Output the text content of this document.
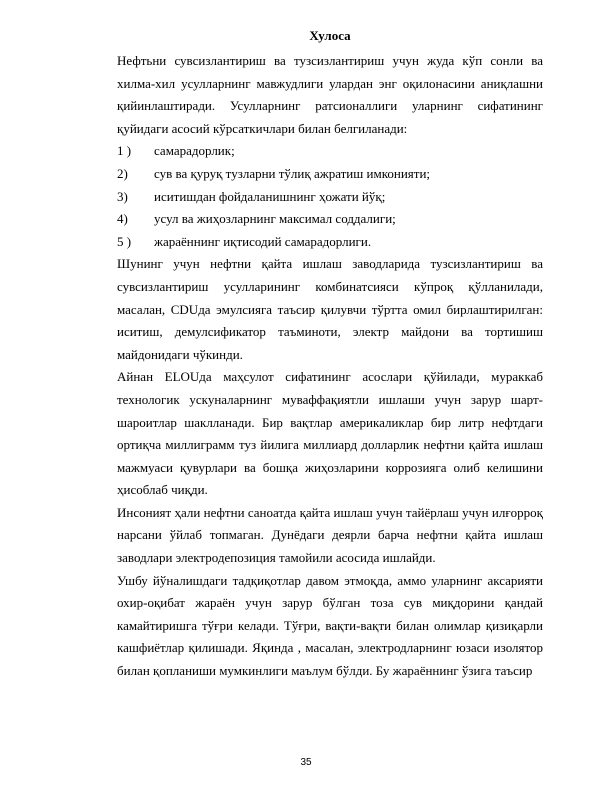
Хулоса

Нефтьни сувсизлантириш ва тузсизлантириш учун жуда кўп сонли ва хилма-хил усулларнинг мавжудлиги улардан энг оқилонасини аниқлашни қийинлаштиради. Усулларнинг ратсионаллиги уларнинг сифатининг қуйидаги асосий кўрсаткичлари билан белгиланади:

1 )	самарадорлик;
2)	сув ва қуруқ тузларни тўлиқ ажратиш имконияти;
3)	иситишдан фойдаланишнинг ҳожати йўқ;
4)	усул ва жиҳозларнинг максимал соддалиги;
5 )	жараённинг иқтисодий самарадорлиги.

Шунинг учун нефтни қайта ишлаш заводларида тузсизлантириш ва сувсизлантириш усулларининг комбинатсияси кўпроқ қўлланилади, масалан, CDUда эмулсияга таъсир қилувчи тўртта омил бирлаштирилган: иситиш, демулсификатор таъминоти, электр майдони ва тортишиш майдонидаги чўкинди.

Айнан ELOUда маҳсулот сифатининг асослари қўйилади, мураккаб технологик ускуналарнинг муваффақиятли ишлаши учун зарур шарт-шароитлар шаклланади. Бир вақтлар америкаликлар бир литр нефтдаги ортиқча миллиграмм туз йилига миллиард долларлик нефтни қайта ишлаш мажмуаси қувурлари ва бошқа жиҳозларини коррозияга олиб келишини ҳисоблаб чиқди.

Инсоният ҳали нефтни саноатда қайта ишлаш учун тайёрлаш учун илғорроқ нарсани ўйлаб топмаган. Дунёдаги деярли барча нефтни қайта ишлаш заводлари электродепозиция тамойили асосида ишлайди.

Ушбу йўналишдаги тадқиқотлар давом этмоқда, аммо уларнинг аксарияти охир-оқибат жараён учун зарур бўлган тоза сув миқдорини қандай камайтиришга тўғри келади. Тўғри, вақти-вақти билан олимлар қизиқарли кашфиётлар қилишади. Яқинда , масалан, электродларнинг юзаси изолятор билан қопланиши мумкинлиги маълум бўлди. Бу жараённинг ўзига таъсир

35
